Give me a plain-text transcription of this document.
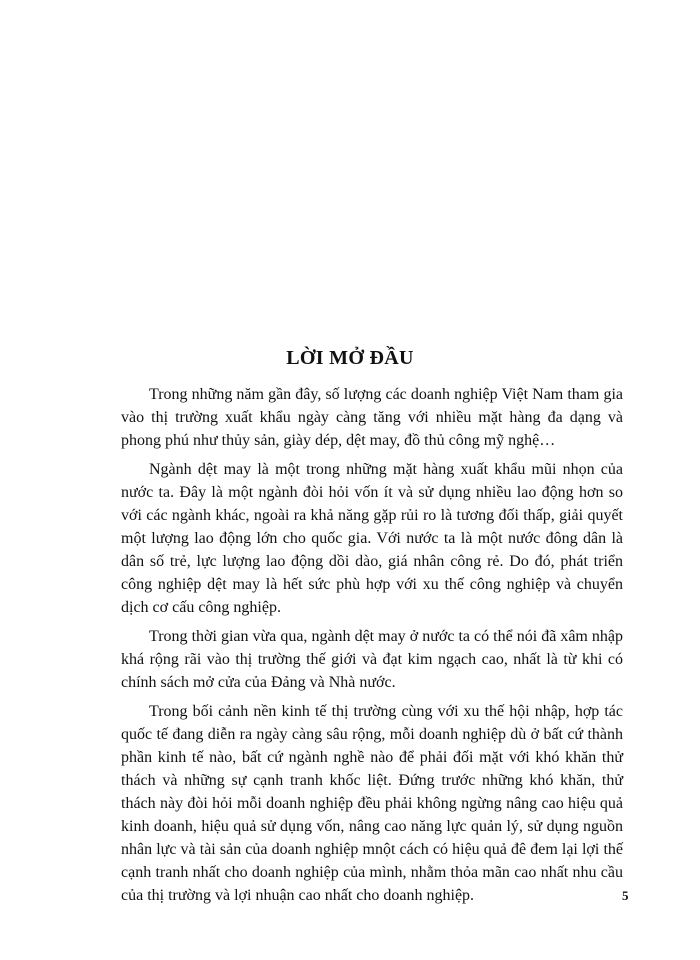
LỜI MỞ ĐẦU

Trong những năm gần đây, số lượng các doanh nghiệp Việt Nam tham gia vào thị trường xuất khẩu ngày càng tăng với nhiều mặt hàng đa dạng và phong phú như thủy sản, giày dép, dệt may, đồ thủ công mỹ nghệ…

Ngành dệt may là một trong những mặt hàng xuất khẩu mũi nhọn của nước ta. Đây là một ngành đòi hỏi vốn ít và sử dụng nhiều lao động hơn so với các ngành khác, ngoài ra khả năng gặp rủi ro là tương đối thấp, giải quyết một lượng lao động lớn cho quốc gia. Với nước ta là một nước đông dân là dân số trẻ, lực lượng lao động dồi dào, giá nhân công rẻ. Do đó, phát triển công nghiệp dệt may là hết sức phù hợp với xu thế công nghiệp và chuyển dịch cơ cấu công nghiệp.

Trong thời gian vừa qua, ngành dệt may ở nước ta có thể nói đã xâm nhập khá rộng rãi vào thị trường thế giới và đạt kim ngạch cao, nhất là từ khi có chính sách mở cửa của Đảng và Nhà nước.

Trong bối cảnh nền kinh tế thị trường cùng với xu thế hội nhập, hợp tác quốc tế đang diễn ra ngày càng sâu rộng, mỗi doanh nghiệp dù ở bất cứ thành phần kinh tế nào, bất cứ ngành nghề nào để phải đối mặt với khó khăn thử thách và những sự cạnh tranh khốc liệt. Đứng trước những khó khăn, thử thách này đòi hỏi mỗi doanh nghiệp đều phải không ngừng nâng cao hiệu quả kinh doanh, hiệu quả sử dụng vốn, nâng cao năng lực quản lý, sử dụng nguồn nhân lực và tài sản của doanh nghiệp mnột cách có hiệu quả đê đem lại lợi thế cạnh tranh nhất cho doanh nghiệp của mình, nhằm thỏa mãn cao nhất nhu cầu của thị trường và lợi nhuận cao nhất cho doanh nghiệp.	5
